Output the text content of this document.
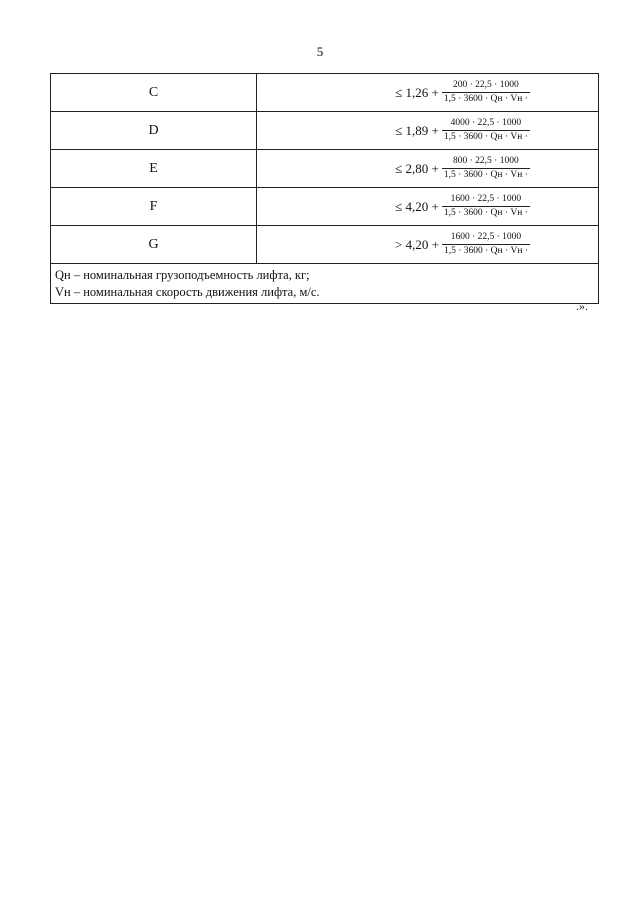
5
C	≤ $1,26 + \frac{200 \cdot 22,5 \cdot 1000}{1,5 \cdot 3600 \cdot Qн \cdot Vн \cdot}$

D	≤ $1,89 + \frac{4000 \cdot 22,5 \cdot 1000}{1,5 \cdot 3600 \cdot Qн \cdot Vн \cdot}$

E	≤ $2,80 + \frac{800 \cdot 22,5 \cdot 1000}{1,5 \cdot 3600 \cdot Qн \cdot Vн \cdot}$

F	≤ $4,20 + \frac{1600 \cdot 22,5 \cdot 1000}{1,5 \cdot 3600 \cdot Qн \cdot Vн \cdot}$

G	> $4,20 + \frac{1600 \cdot 22,5 \cdot 1000}{1,5 \cdot 3600 \cdot Qн \cdot Vн \cdot}$

Qн – номинальная грузоподъемность лифта, кг;
Vн – номинальная скорость движения лифта, м/с.	
.».
